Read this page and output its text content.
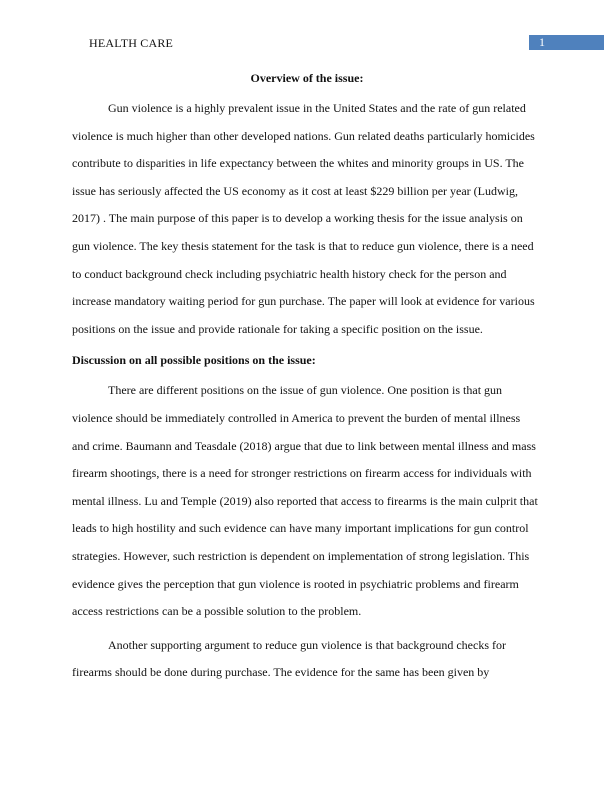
HEALTH CARE	1
Overview of the issue:
Gun violence is a highly prevalent issue in the United States and the rate of gun related
violence is much higher than other developed nations. Gun related deaths particularly homicides
contribute to disparities in life expectancy between the whites and minority groups in US. The
issue has seriously affected the US economy as it cost at least $229 billion per year (Ludwig,
2017) . The main purpose of this paper is to develop a working thesis for the issue analysis on
gun violence. The key thesis statement for the task is that to reduce gun violence, there is a need
to conduct background check including psychiatric health history check for the person and
increase mandatory waiting period for gun purchase. The paper will look at evidence for various
positions on the issue and provide rationale for taking a specific position on the issue.
Discussion on all possible positions on the issue:
There are different positions on the issue of gun violence. One position is that gun
violence should be immediately controlled in America to prevent the burden of mental illness
and crime. Baumann and Teasdale (2018) argue that due to link between mental illness and mass
firearm shootings, there is a need for stronger restrictions on firearm access for individuals with
mental illness. Lu and Temple (2019) also reported that access to firearms is the main culprit that
leads to high hostility and such evidence can have many important implications for gun control
strategies. However, such restriction is dependent on implementation of strong legislation. This
evidence gives the perception that gun violence is rooted in psychiatric problems and firearm
access restrictions can be a possible solution to the problem.
Another supporting argument to reduce gun violence is that background checks for
firearms should be done during purchase. The evidence for the same has been given by
